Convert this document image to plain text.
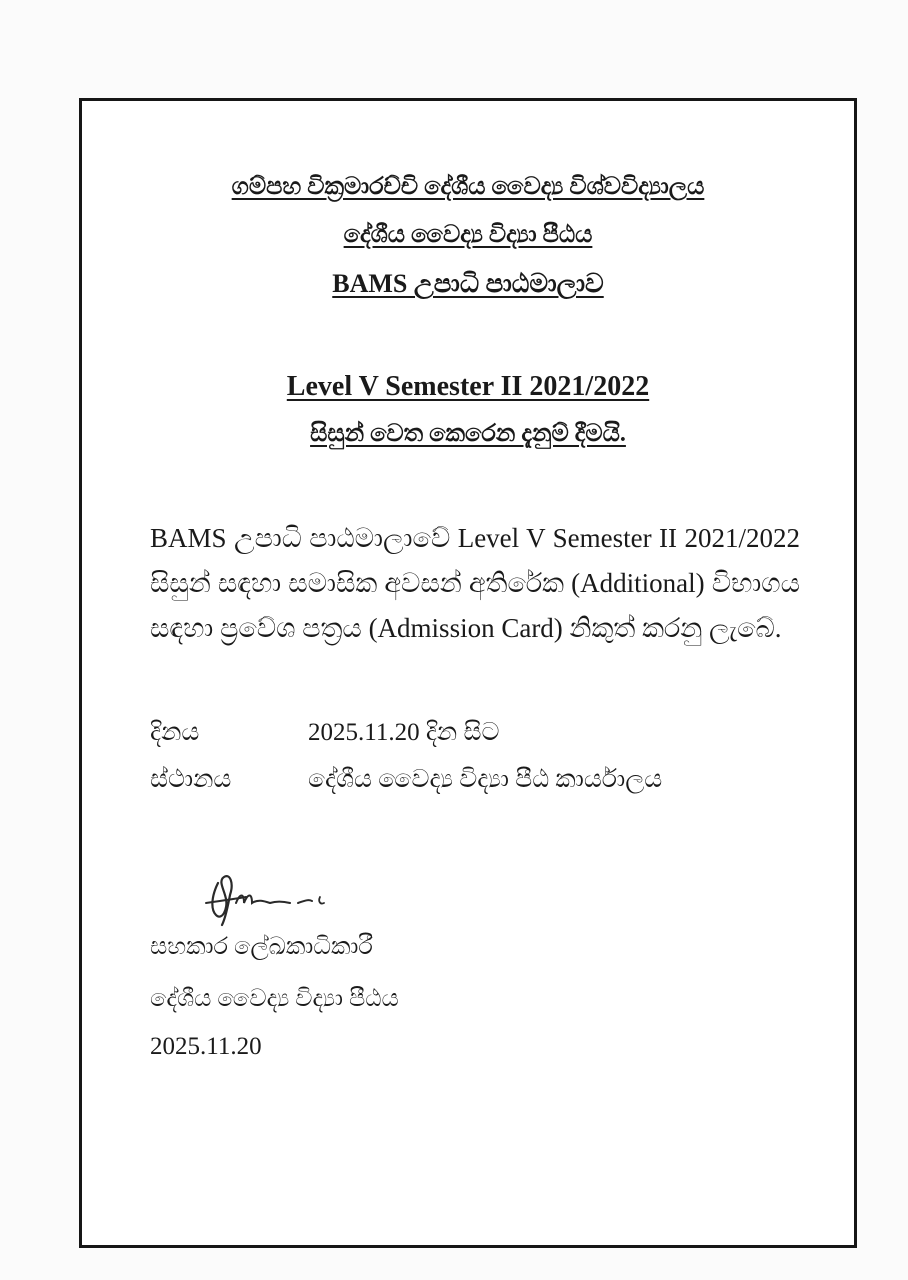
ගම්පහ වික්‍රමාරච්චි දේශීය වෛද්‍ය විශ්වවිද්‍යාලය
දේශීය වෛද්‍ය විද්‍යා පීඨය
BAMS උපාධි පාඨමාලාව
Level V Semester II 2021/2022
සිසුන් වෙත කෙරෙන දැනුම් දීමයි.
BAMS උපාධි පාඨමාලාවේ Level V Semester II 2021/2022 සිසුන් සඳහා සමාසික අවසන් අතිරේක (Additional) විභාගය සඳහා ප්‍රවේශ පත්‍රය (Admission Card) නිකුත් කරනු ලැබේ.
දිනය	2025.11.20 දින සිට
ස්ථානය	දේශීය වෛද්‍ය විද්‍යා පීඨ කාර්යාලය
සහකාර ලේඛකාධිකාරී
දේශීය වෛද්‍ය විද්‍යා පීඨය
2025.11.20
